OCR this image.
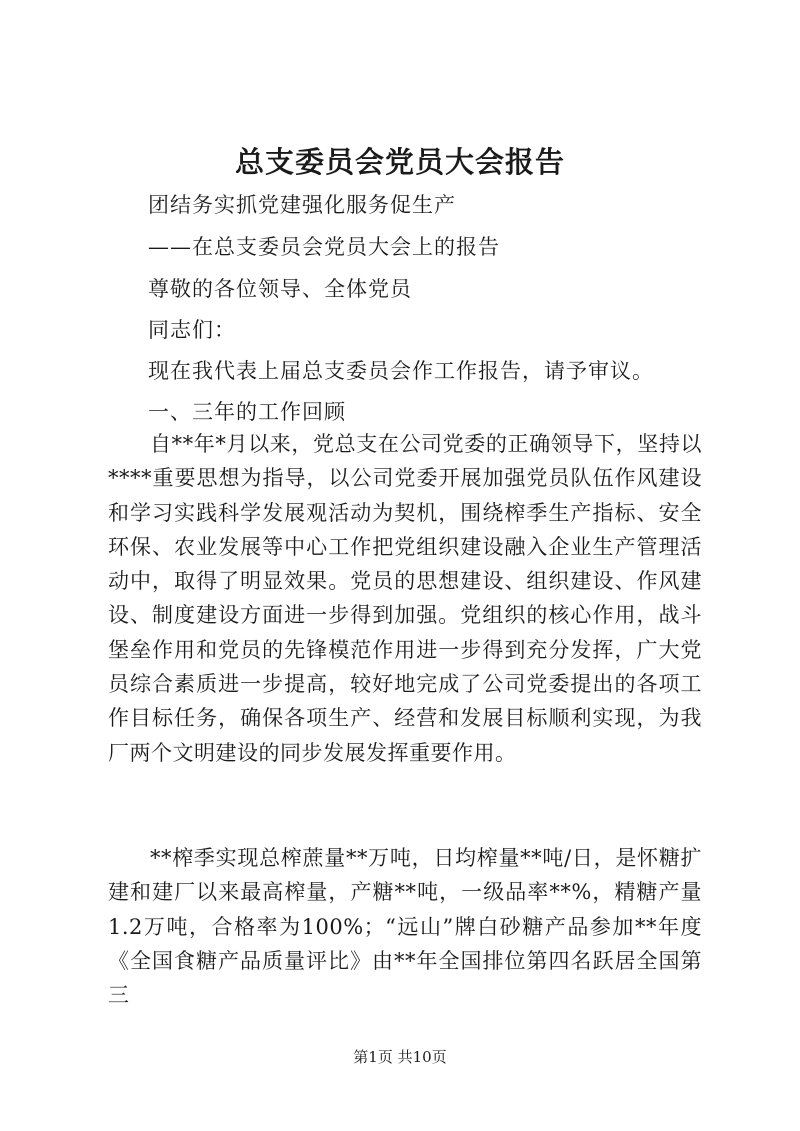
总支委员会党员大会报告
团结务实抓党建强化服务促生产
——在总支委员会党员大会上的报告
尊敬的各位领导、全体党员
同志们：
现在我代表上届总支委员会作工作报告，请予审议。
一、三年的工作回顾
自**年*月以来，党总支在公司党委的正确领导下，坚持以****重要思想为指导，以公司党委开展加强党员队伍作风建设和学习实践科学发展观活动为契机，围绕榨季生产指标、安全环保、农业发展等中心工作把党组织建设融入企业生产管理活动中，取得了明显效果。党员的思想建设、组织建设、作风建设、制度建设方面进一步得到加强。党组织的核心作用，战斗堡垒作用和党员的先锋模范作用进一步得到充分发挥，广大党员综合素质进一步提高，较好地完成了公司党委提出的各项工作目标任务，确保各项生产、经营和发展目标顺利实现，为我厂两个文明建设的同步发展发挥重要作用。
**榨季实现总榨蔗量**万吨，日均榨量**吨/日，是怀糖扩建和建厂以来最高榨量，产糖**吨，一级品率**%，精糖产量1.2万吨，合格率为100%；“远山”牌白砂糖产品参加**年度《全国食糖产品质量评比》由**年全国排位第四名跃居全国第三
第1页 共10页
